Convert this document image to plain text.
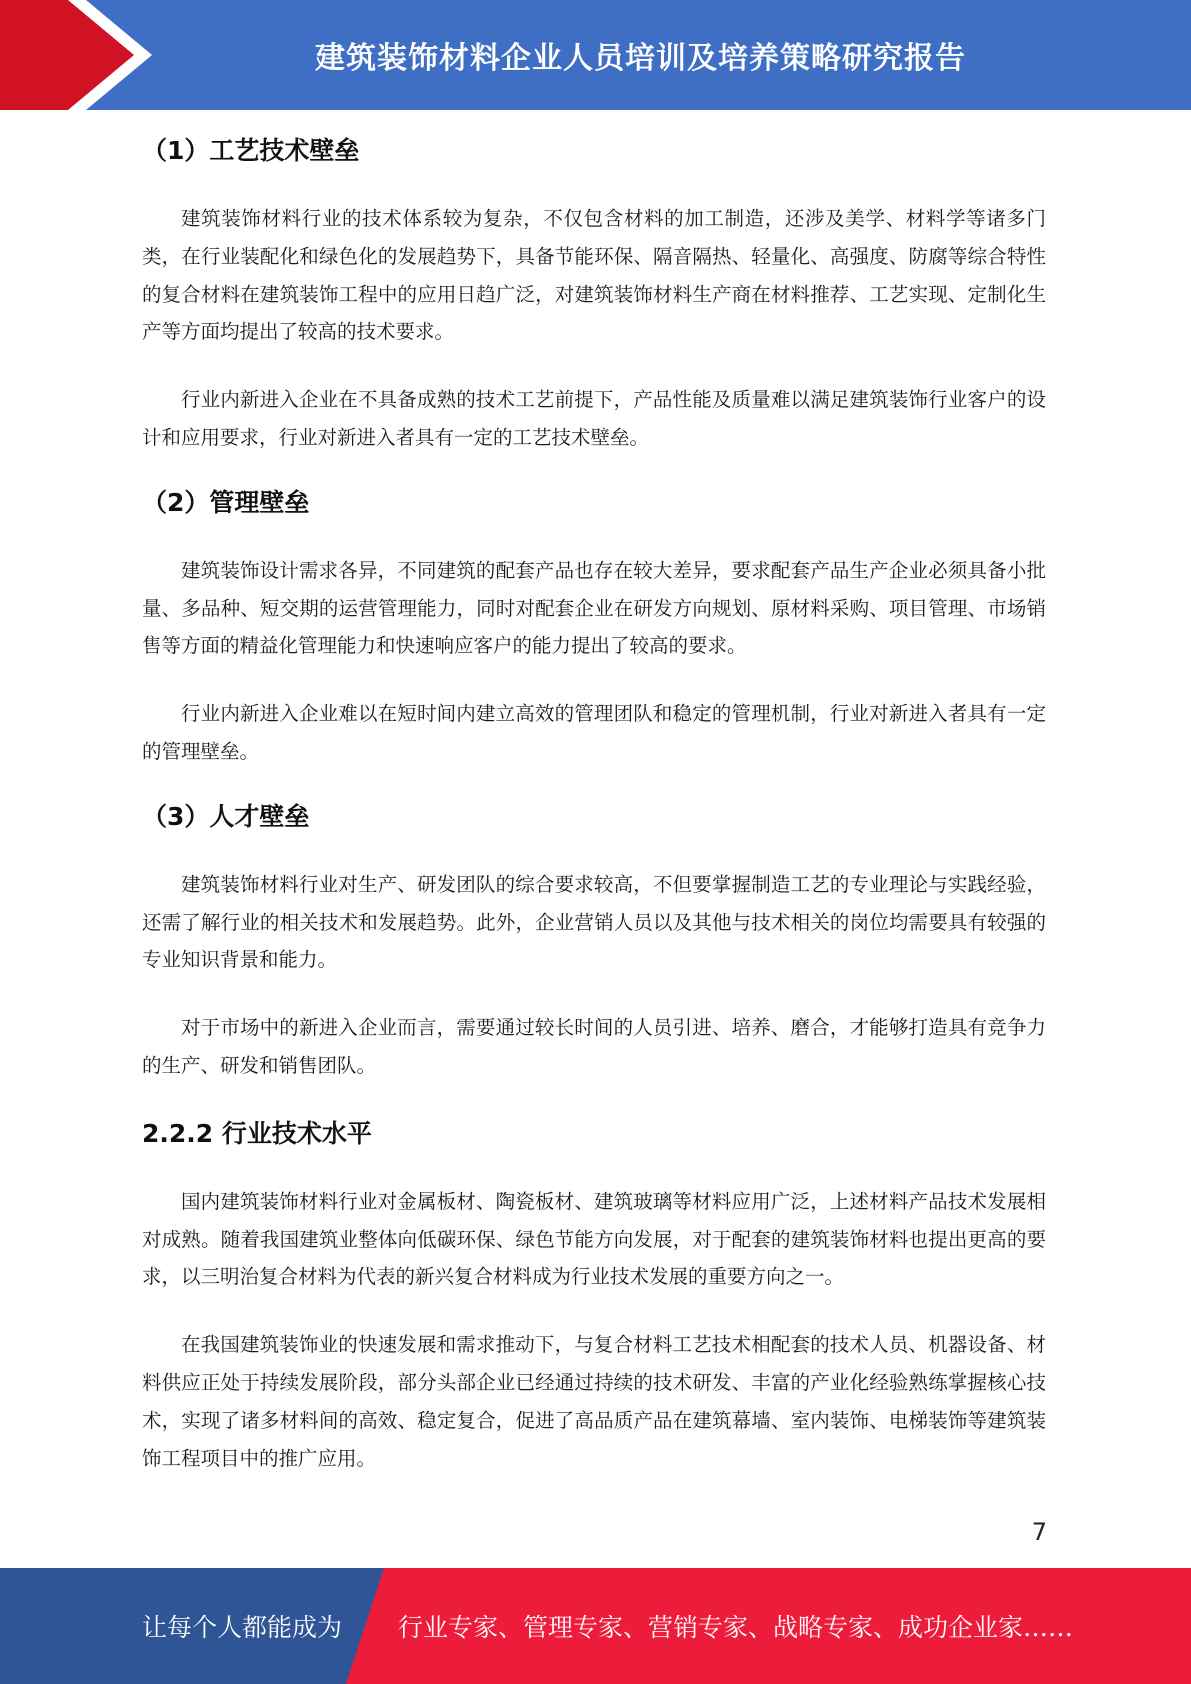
建筑装饰材料企业人员培训及培养策略研究报告
（1）工艺技术壁垒

建筑装饰材料行业的技术体系较为复杂，不仅包含材料的加工制造，还涉及美学、材料学等诸多门类，在行业装配化和绿色化的发展趋势下，具备节能环保、隔音隔热、轻量化、高强度、防腐等综合特性的复合材料在建筑装饰工程中的应用日趋广泛，对建筑装饰材料生产商在材料推荐、工艺实现、定制化生产等方面均提出了较高的技术要求。

行业内新进入企业在不具备成熟的技术工艺前提下，产品性能及质量难以满足建筑装饰行业客户的设计和应用要求，行业对新进入者具有一定的工艺技术壁垒。

（2）管理壁垒

建筑装饰设计需求各异，不同建筑的配套产品也存在较大差异，要求配套产品生产企业必须具备小批量、多品种、短交期的运营管理能力，同时对配套企业在研发方向规划、原材料采购、项目管理、市场销售等方面的精益化管理能力和快速响应客户的能力提出了较高的要求。

行业内新进入企业难以在短时间内建立高效的管理团队和稳定的管理机制，行业对新进入者具有一定的管理壁垒。

（3）人才壁垒

建筑装饰材料行业对生产、研发团队的综合要求较高，不但要掌握制造工艺的专业理论与实践经验，还需了解行业的相关技术和发展趋势。此外，企业营销人员以及其他与技术相关的岗位均需要具有较强的专业知识背景和能力。

对于市场中的新进入企业而言，需要通过较长时间的人员引进、培养、磨合，才能够打造具有竞争力的生产、研发和销售团队。

2.2.2 行业技术水平

国内建筑装饰材料行业对金属板材、陶瓷板材、建筑玻璃等材料应用广泛，上述材料产品技术发展相对成熟。随着我国建筑业整体向低碳环保、绿色节能方向发展，对于配套的建筑装饰材料也提出更高的要求，以三明治复合材料为代表的新兴复合材料成为行业技术发展的重要方向之一。

在我国建筑装饰业的快速发展和需求推动下，与复合材料工艺技术相配套的技术人员、机器设备、材料供应正处于持续发展阶段，部分头部企业已经通过持续的技术研发、丰富的产业化经验熟练掌握核心技术，实现了诸多材料间的高效、稳定复合，促进了高品质产品在建筑幕墙、室内装饰、电梯装饰等建筑装饰工程项目中的推广应用。

7
让每个人都能成为 行业专家、管理专家、营销专家、战略专家、成功企业家……
